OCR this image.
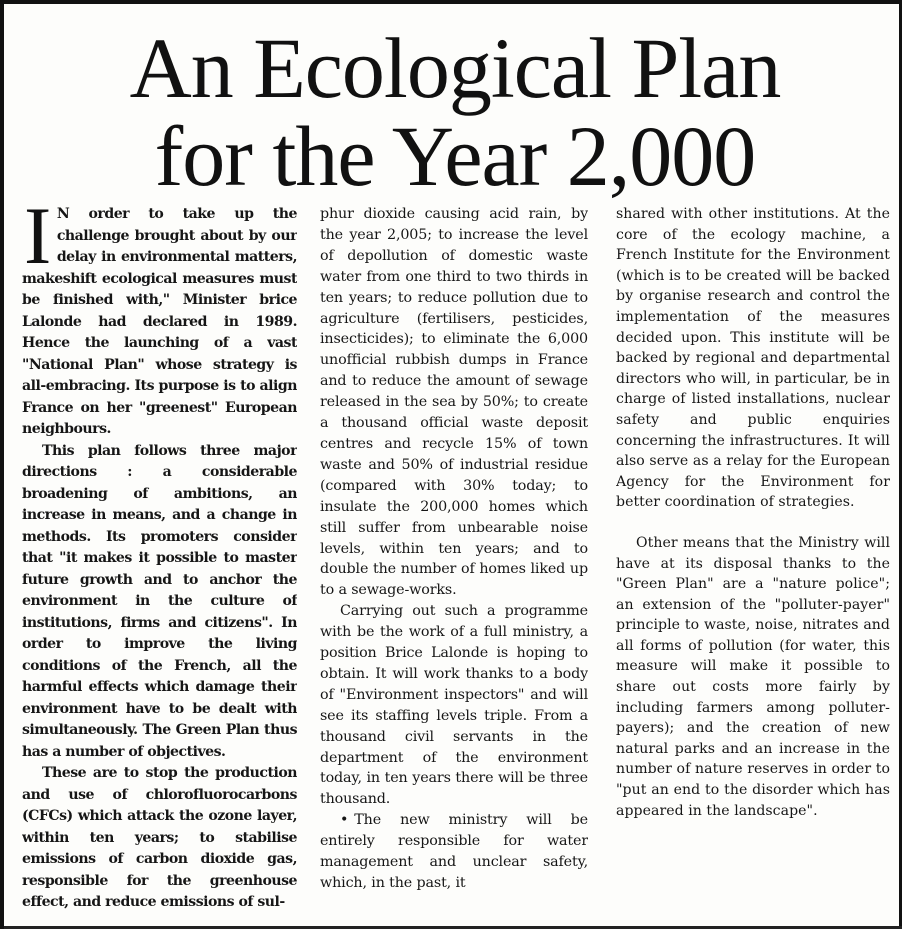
An Ecological Plan
for the Year 2,000

I N order to take up the challenge brought about by our delay in environmental matters, makeshift ecological measures must be finished with," Minister brice Lalonde had declared in 1989. Hence the launching of a vast "National Plan" whose strategy is all-embracing. Its purpose is to align France on her "greenest" European neighbours.

This plan follows three major directions : a considerable broadening of ambitions, an increase in means, and a change in methods. Its promoters consider that "it makes it possible to master future growth and to anchor the environment in the culture of institutions, firms and citizens". In order to improve the living conditions of the French, all the harmful effects which damage their environment have to be dealt with simultaneously. The Green Plan thus has a number of objectives.

These are to stop the production and use of chlorofluorocarbons (CFCs) which attack the ozone layer, within ten years; to stabilise emissions of carbon dioxide gas, responsible for the greenhouse effect, and reduce emissions of sul-

phur dioxide causing acid rain, by the year 2,005; to increase the level of depollution of domestic waste water from one third to two thirds in ten years; to reduce pollution due to agriculture (fertilisers, pesticides, insecticides); to eliminate the 6,000 unofficial rubbish dumps in France and to reduce the amount of sewage released in the sea by 50%; to create a thousand official waste deposit centres and recycle 15% of town waste and 50% of industrial residue (compared with 30% today; to insulate the 200,000 homes which still suffer from unbearable noise levels, within ten years; and to double the number of homes liked up to a sewage-works.

Carrying out such a programme with be the work of a full ministry, a position Brice Lalonde is hoping to obtain. It will work thanks to a body of "Environment inspectors" and will see its staffing levels triple. From a thousand civil servants in the department of the environment today, in ten years there will be three thousand.

• The new ministry will be entirely responsible for water management and unclear safety, which, in the past, it

shared with other institutions. At the core of the ecology machine, a French Institute for the Environment (which is to be created will be backed by organise research and control the implementation of the measures decided upon. This institute will be backed by regional and departmental directors who will, in particular, be in charge of listed installations, nuclear safety and public enquiries concerning the infrastructures. It will also serve as a relay for the European Agency for the Environment for better coordination of strategies.

Other means that the Ministry will have at its disposal thanks to the "Green Plan" are a "nature police"; an extension of the "polluter-payer" principle to waste, noise, nitrates and all forms of pollution (for water, this measure will make it possible to share out costs more fairly by including farmers among polluter-payers); and the creation of new natural parks and an increase in the number of nature reserves in order to "put an end to the disorder which has appeared in the landscape".
